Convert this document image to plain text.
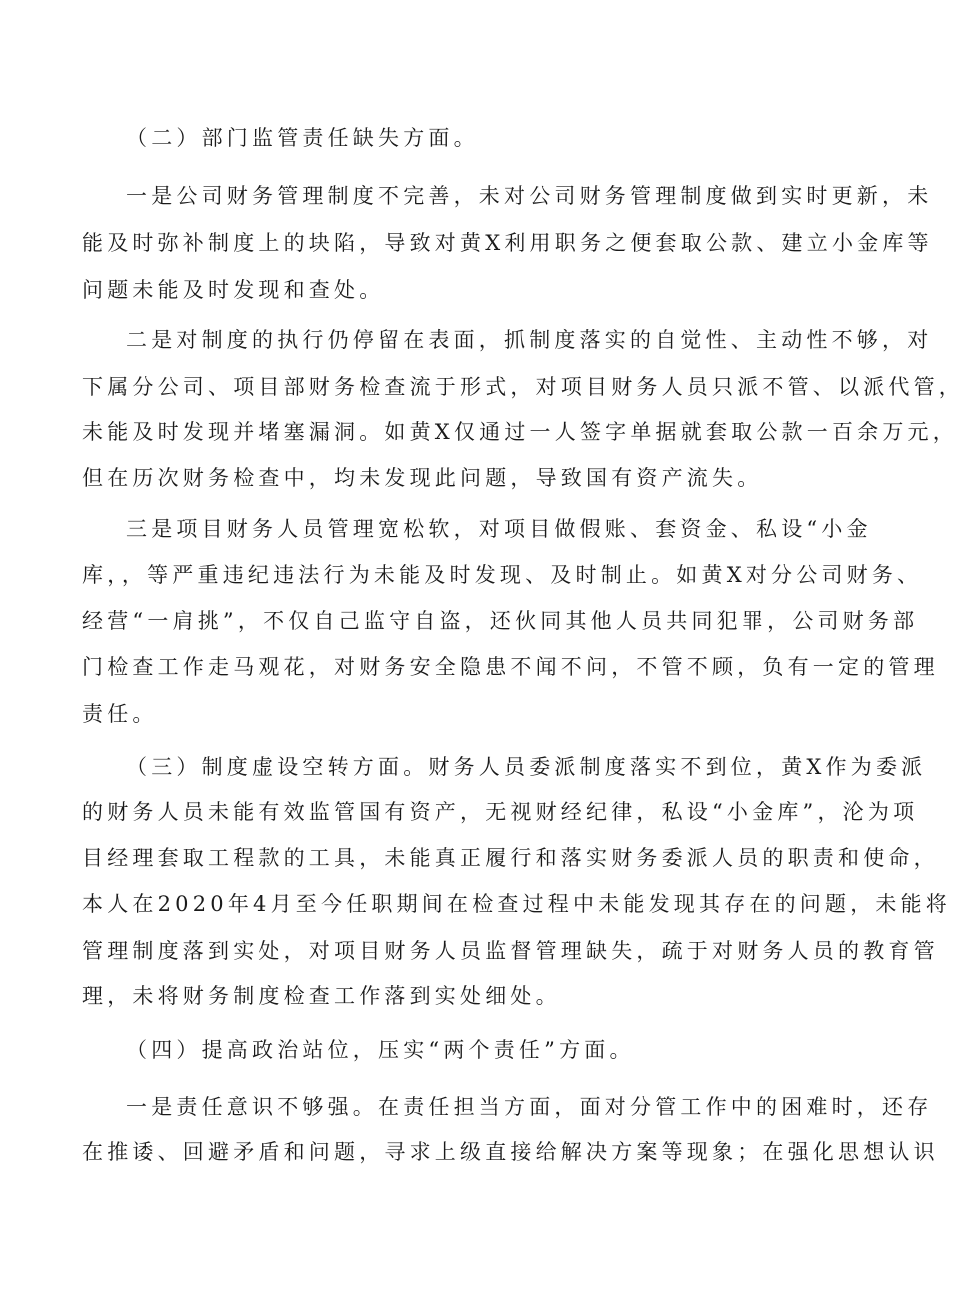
（二）部门监管责任缺失方面。
一是公司财务管理制度不完善，未对公司财务管理制度做到实时更新，未
能及时弥补制度上的块陷，导致对黄X利用职务之便套取公款、建立小金库等
问题未能及时发现和查处。
二是对制度的执行仍停留在表面，抓制度落实的自觉性、主动性不够，对
下属分公司、项目部财务检查流于形式，对项目财务人员只派不管、以派代管，
未能及时发现并堵塞漏洞。如黄X仅通过一人签字单据就套取公款一百余万元，
但在历次财务检查中，均未发现此问题，导致国有资产流失。
三是项目财务人员管理宽松软，对项目做假账、套资金、私设“小金
库，，等严重违纪违法行为未能及时发现、及时制止。如黄X对分公司财务、
经营“一肩挑”，不仅自己监守自盗，还伙同其他人员共同犯罪，公司财务部
门检查工作走马观花，对财务安全隐患不闻不问，不管不顾，负有一定的管理
责任。
（三）制度虚设空转方面。财务人员委派制度落实不到位，黄X作为委派
的财务人员未能有效监管国有资产，无视财经纪律，私设“小金库”，沦为项
目经理套取工程款的工具，未能真正履行和落实财务委派人员的职责和使命，
本人在2020年4月至今任职期间在检查过程中未能发现其存在的问题，未能将
管理制度落到实处，对项目财务人员监督管理缺失，疏于对财务人员的教育管
理，未将财务制度检查工作落到实处细处。
（四）提高政治站位，压实“两个责任”方面。
一是责任意识不够强。在责任担当方面，面对分管工作中的困难时，还存
在推诿、回避矛盾和问题，寻求上级直接给解决方案等现象；在强化思想认识
